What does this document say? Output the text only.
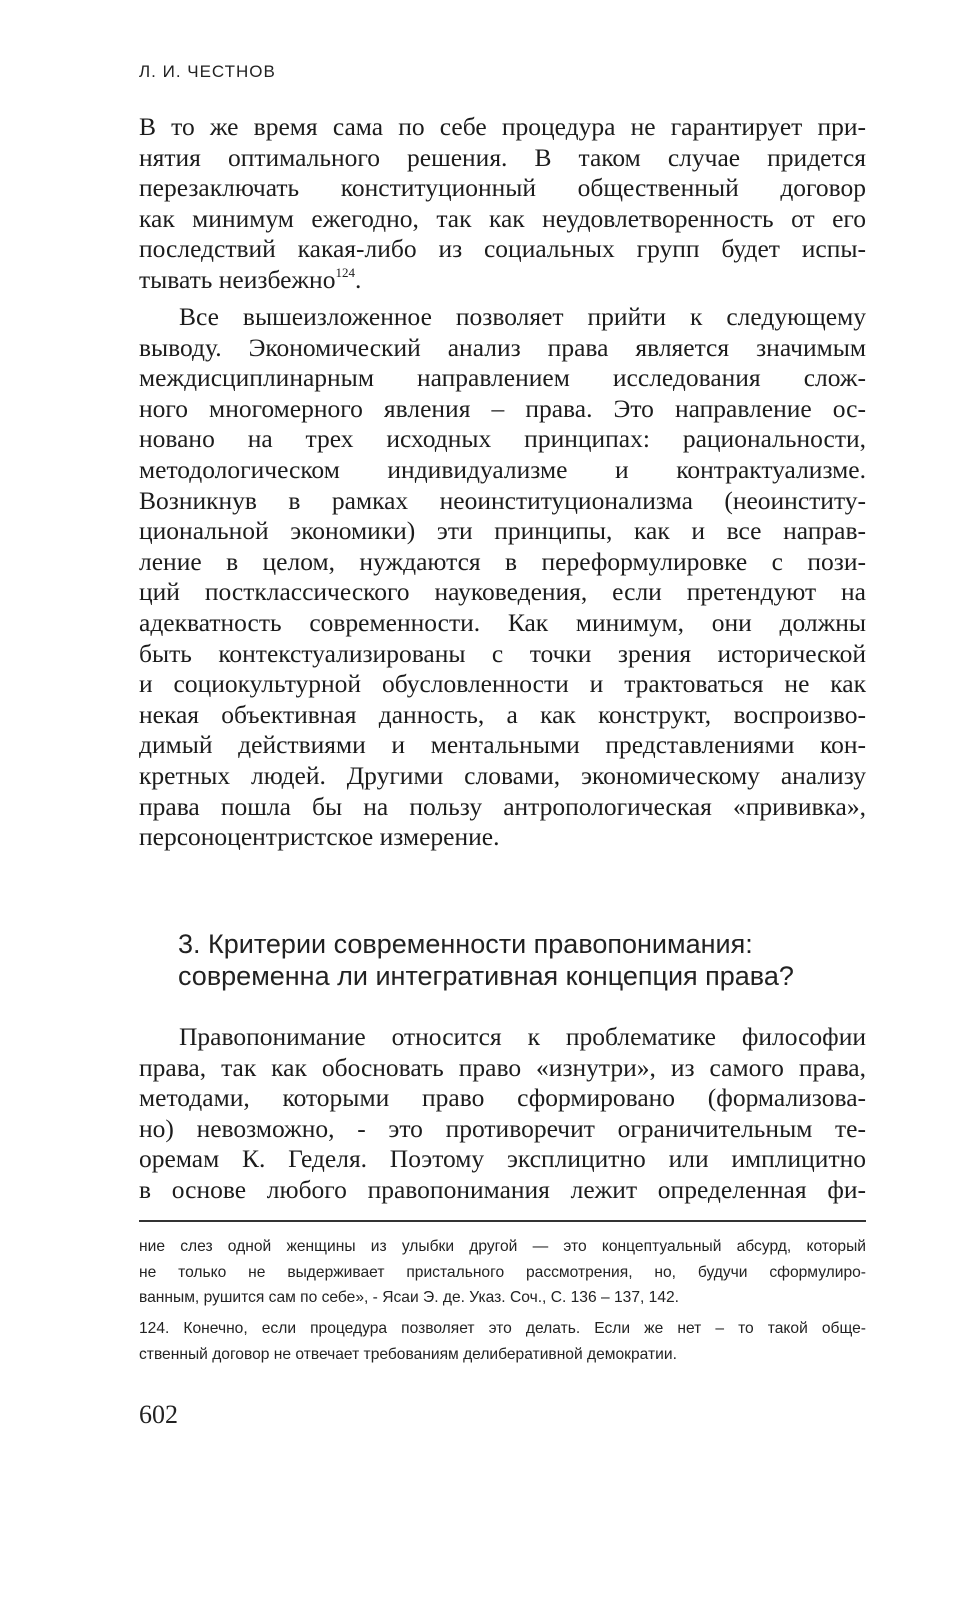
Л. И. ЧЕСТНОВ
В то же время сама по себе процедура не гарантирует при-
нятия оптимального решения. В таком случае придется
перезаключать конституционный общественный договор
как минимум ежегодно, так как неудовлетворенность от его
последствий какая-либо из социальных групп будет испы-
тывать неизбежно$^{124}$.
Все вышеизложенное позволяет прийти к следующему
выводу. Экономический анализ права является значимым
междисциплинарным направлением исследования слож-
ного многомерного явления – права. Это направление ос-
новано на трех исходных принципах: рациональности,
методологическом индивидуализме и контрактуализме.
Возникнув в рамках неоинституционализма (неоинститу-
циональной экономики) эти принципы, как и все направ-
ление в целом, нуждаются в переформулировке с пози-
ций постклассического науковедения, если претендуют на
адекватность современности. Как минимум, они должны
быть контекстуализированы с точки зрения исторической
и социокультурной обусловленности и трактоваться не как
некая объективная данность, а как конструкт, воспроизво-
димый действиями и ментальными представлениями кон-
кретных людей. Другими словами, экономическому анализу
права пошла бы на пользу антропологическая «прививка»,
персоноцентристское измерение.
3. Критерии современности правопонимания:
современна ли интегративная концепция права?
Правопонимание относится к проблематике философии
права, так как обосновать право «изнутри», из самого права,
методами, которыми право сформировано (формализова-
но) невозможно, - это противоречит ограничительным те-
оремам К. Геделя. Поэтому эксплицитно или имплицитно
в основе любого правопонимания лежит определенная фи-
ние слез одной женщины из улыбки другой — это концептуальный абсурд, который
не только не выдерживает пристального рассмотрения, но, будучи сформулиро-
ванным, рушится сам по себе», - Ясаи Э. де. Указ. Соч., С. 136 – 137, 142.
124. Конечно, если процедура позволяет это делать. Если же нет – то такой обще-
ственный договор не отвечает требованиям делиберативной демократии.
602
